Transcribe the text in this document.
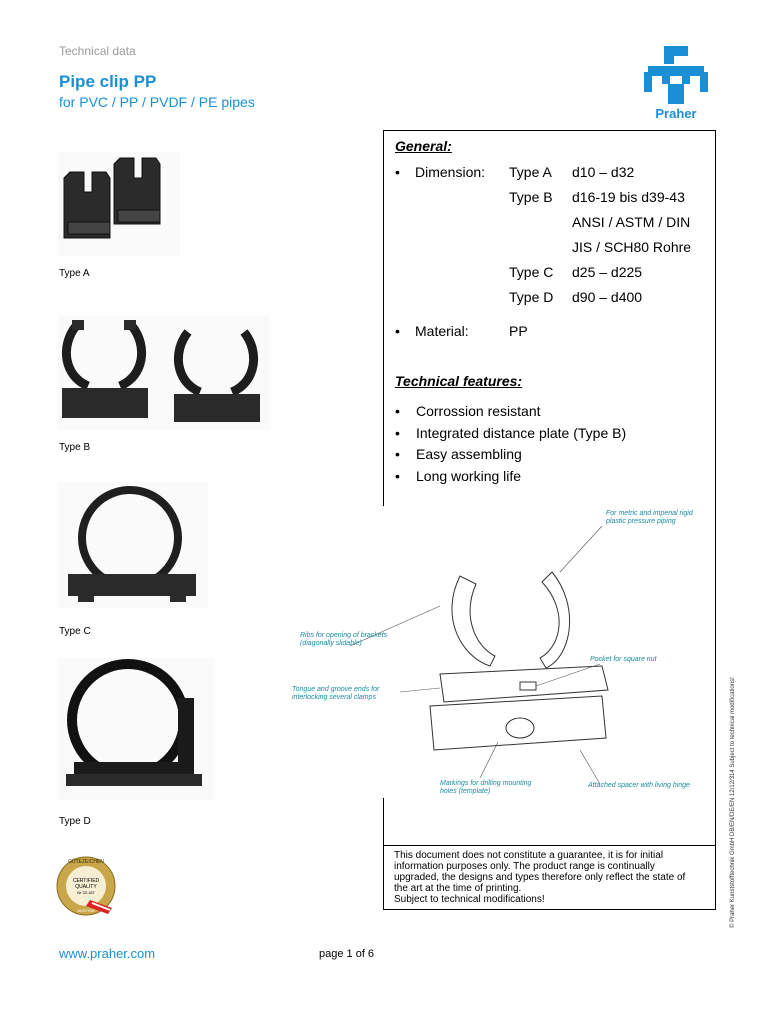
Technical data
Pipe clip PP
for PVC / PP / PVDF / PE pipes
Praher
General:
• Dimension: Type A d10 – d32
Type B d16-19 bis d39-43
ANSI / ASTM / DIN
JIS / SCH80 Rohre
Type C d25 – d225
Type D d90 – d400
• Material:	PP
Technical features:
• Corrossion resistant
• Integrated distance plate (Type B)
• Easy assembling
• Long working life
Type A
Type B
Type C
Type D
GÜTEZEICHEN
CERTIFIED
QUALITY
Nr 33.187
AUSTRIA
For metric and imperial rigid
plastic pressure piping
Ribs for opening of brackets
(diagonally slidable)
Pocket for square nut
Tongue and groove ends for
interlocking several clamps
Markings for drilling mounting
holes (template)
Attached spacer with living hinge
This document does not constitute a guarantee, it is for initial
information purposes only. The product range is continually
upgraded, the designs and types therefore only reflect the state of
the art at the time of printing.
Subject to technical modifications!
www.praher.com	page 1 of 6
© Praher Kunststofftechnik GmbH DB/EN/DE/EN 12/12/314 Subject to technical modifications!
